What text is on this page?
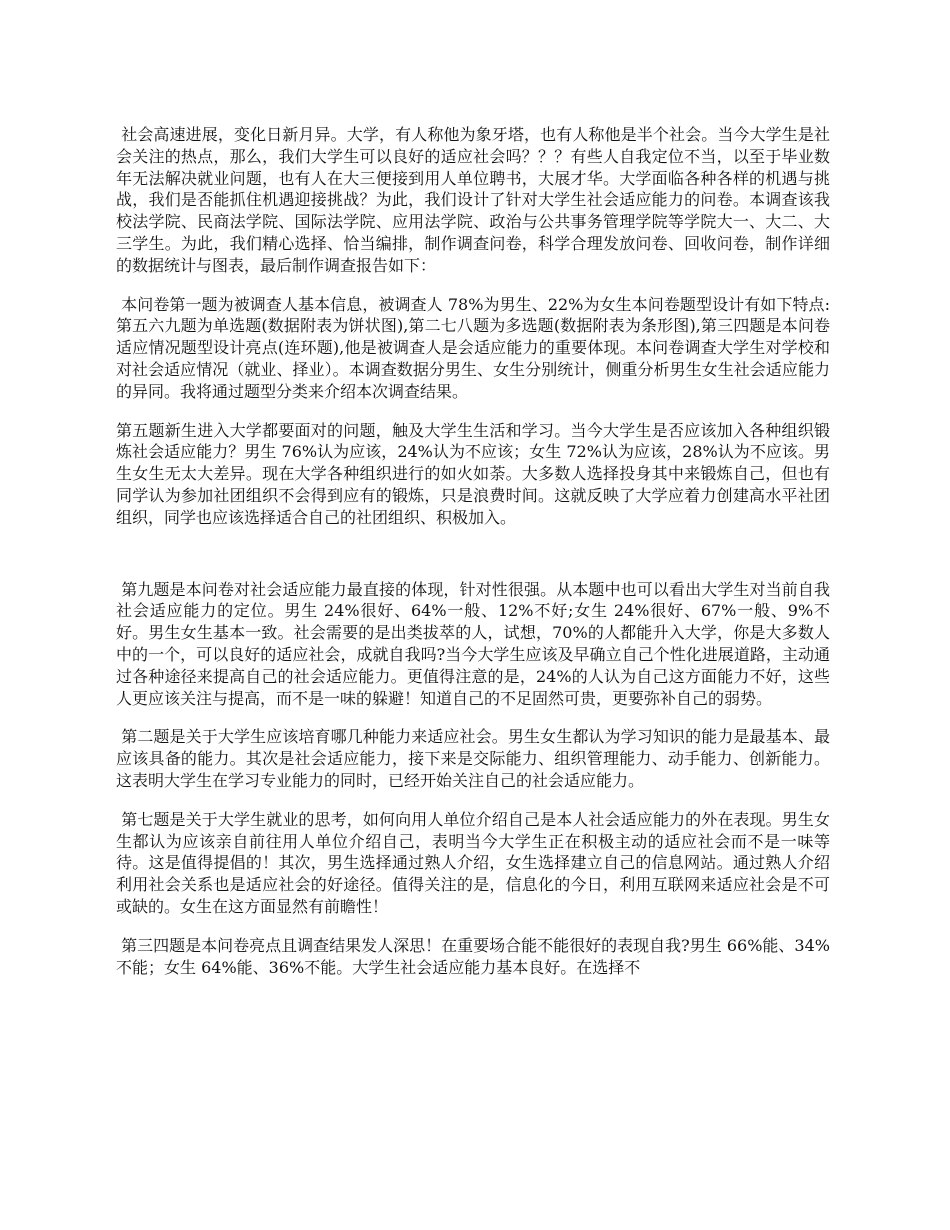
社会高速进展，变化日新月异。大学，有人称他为象牙塔，也有人称他是半个社会。当今大学生是社会关注的热点，那么，我们大学生可以良好的适应社会吗？？？有些人自我定位不当，以至于毕业数年无法解决就业问题，也有人在大三便接到用人单位聘书，大展才华。大学面临各种各样的机遇与挑战，我们是否能抓住机遇迎接挑战？为此，我们设计了针对大学生社会适应能力的问卷。本调查该我校法学院、民商法学院、国际法学院、应用法学院、政治与公共事务管理学院等学院大一、大二、大三学生。为此，我们精心选择、恰当编排，制作调查问卷，科学合理发放问卷、回收问卷，制作详细的数据统计与图表，最后制作调查报告如下：

本问卷第一题为被调查人基本信息，被调查人 78%为男生、22%为女生本问卷题型设计有如下特点:第五六九题为单选题(数据附表为饼状图),第二七八题为多选题(数据附表为条形图),第三四题是本问卷适应情况题型设计亮点(连环题),他是被调查人是会适应能力的重要体现。本问卷调查大学生对学校和对社会适应情况（就业、择业）。本调查数据分男生、女生分别统计，侧重分析男生女生社会适应能力的异同。我将通过题型分类来介绍本次调查结果。

第五题新生进入大学都要面对的问题，触及大学生生活和学习。当今大学生是否应该加入各种组织锻炼社会适应能力？男生 76%认为应该，24%认为不应该；女生 72%认为应该，28%认为不应该。男生女生无太大差异。现在大学各种组织进行的如火如荼。大多数人选择投身其中来锻炼自己，但也有同学认为参加社团组织不会得到应有的锻炼，只是浪费时间。这就反映了大学应着力创建高水平社团组织，同学也应该选择适合自己的社团组织、积极加入。

第九题是本问卷对社会适应能力最直接的体现，针对性很强。从本题中也可以看出大学生对当前自我社会适应能力的定位。男生 24%很好、64%一般、12%不好;女生 24%很好、67%一般、9%不好。男生女生基本一致。社会需要的是出类拔萃的人，试想，70%的人都能升入大学，你是大多数人中的一个，可以良好的适应社会，成就自我吗?当今大学生应该及早确立自己个性化进展道路，主动通过各种途径来提高自己的社会适应能力。更值得注意的是，24%的人认为自己这方面能力不好，这些人更应该关注与提高，而不是一味的躲避！知道自己的不足固然可贵，更要弥补自己的弱势。

第二题是关于大学生应该培育哪几种能力来适应社会。男生女生都认为学习知识的能力是最基本、最应该具备的能力。其次是社会适应能力，接下来是交际能力、组织管理能力、动手能力、创新能力。这表明大学生在学习专业能力的同时，已经开始关注自己的社会适应能力。

第七题是关于大学生就业的思考，如何向用人单位介绍自己是本人社会适应能力的外在表现。男生女生都认为应该亲自前往用人单位介绍自己，表明当今大学生正在积极主动的适应社会而不是一味等待。这是值得提倡的！其次，男生选择通过熟人介绍，女生选择建立自己的信息网站。通过熟人介绍利用社会关系也是适应社会的好途径。值得关注的是，信息化的今日，利用互联网来适应社会是不可或缺的。女生在这方面显然有前瞻性！

第三四题是本问卷亮点且调查结果发人深思！在重要场合能不能很好的表现自我?男生 66%能、34%不能；女生 64%能、36%不能。大学生社会适应能力基本良好。在选择不
